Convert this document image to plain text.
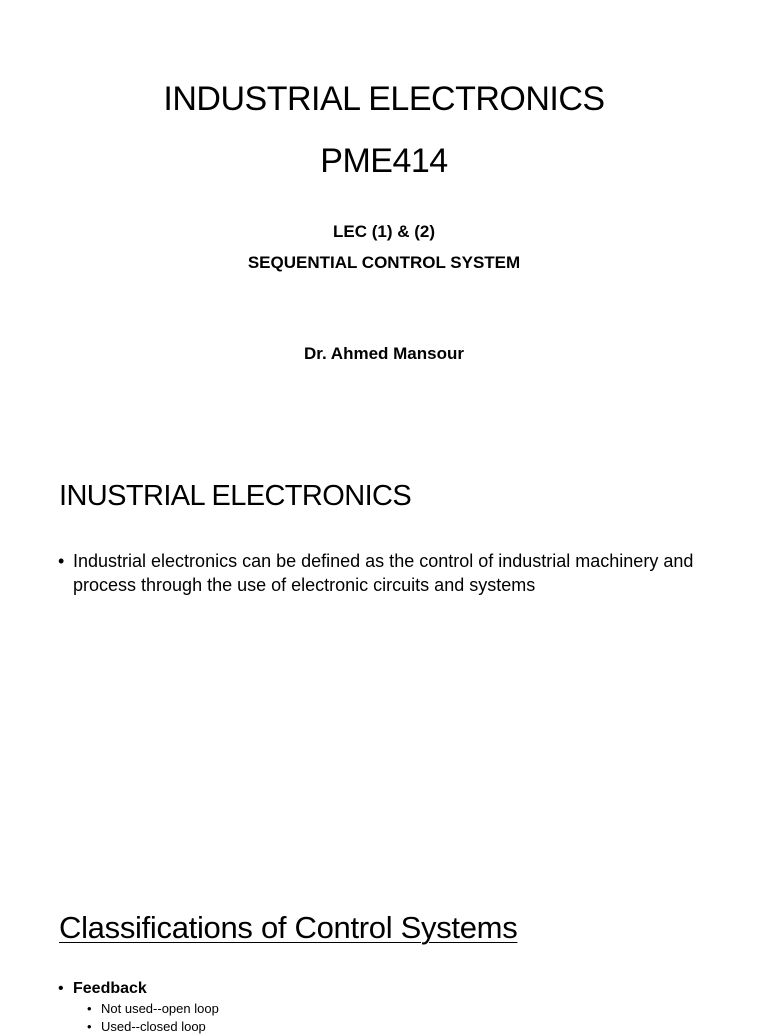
INDUSTRIAL ELECTRONICS
PME414
LEC (1) & (2)
SEQUENTIAL CONTROL SYSTEM
Dr. Ahmed Mansour
INUSTRIAL ELECTRONICS
• Industrial electronics can be defined as the control of industrial machinery and process through the use of electronic circuits and systems
Classifications of Control Systems
• Feedback
• Not used--open loop
• Used--closed loop
